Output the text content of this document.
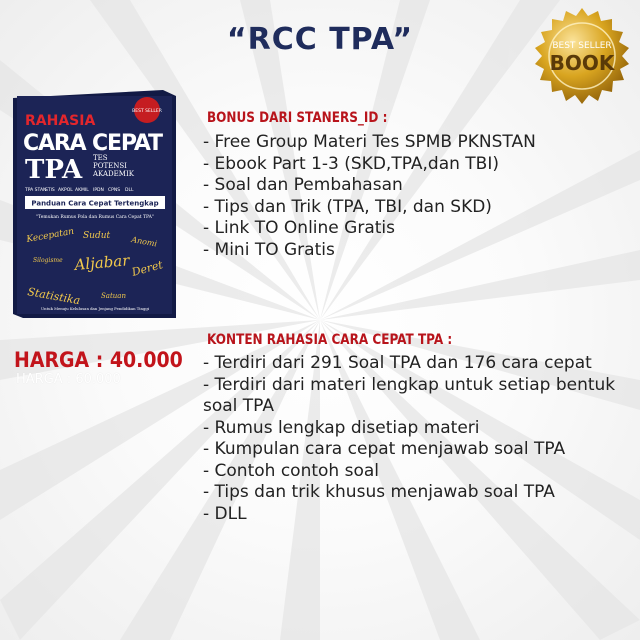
“RCC TPA”	BEST SELLER
BOOK
RAHASIA
BEST SELLER
CARA CEPAT
TPA TES
POTENSI
AKADEMIK
TPA STAN
STIS AKPOL AKMIL IPDN CPNS DLL
Panduan Cara Cepat Tertengkap
"Temukan Rumus Pola dan Rumus Cara Cepat TPA"
Kecepatan Sudut	Anomi
Silogisme Aljabar Deret
Statistika	Satuan
Untuk Menuju Kelulusan dan Jenjang Pendidikan Tinggi
HARGA : 40.000
HARGA : 60.000
BONUS DARI STANERS_ID :
- Free Group Materi Tes SPMB PKNSTAN
- Ebook Part 1-3 (SKD,TPA,dan TBI)
- Soal dan Pembahasan
- Tips dan Trik (TPA, TBI, dan SKD)
- Link TO Online Gratis
- Mini TO Gratis
KONTEN RAHASIA CARA CEPAT TPA :
- Terdiri dari 291 Soal TPA dan 176 cara cepat
- Terdiri dari materi lengkap untuk setiap bentuk soal TPA
- Rumus lengkap disetiap materi
- Kumpulan cara cepat menjawab soal TPA
- Contoh contoh soal
- Tips dan trik khusus menjawab soal TPA
- DLL
